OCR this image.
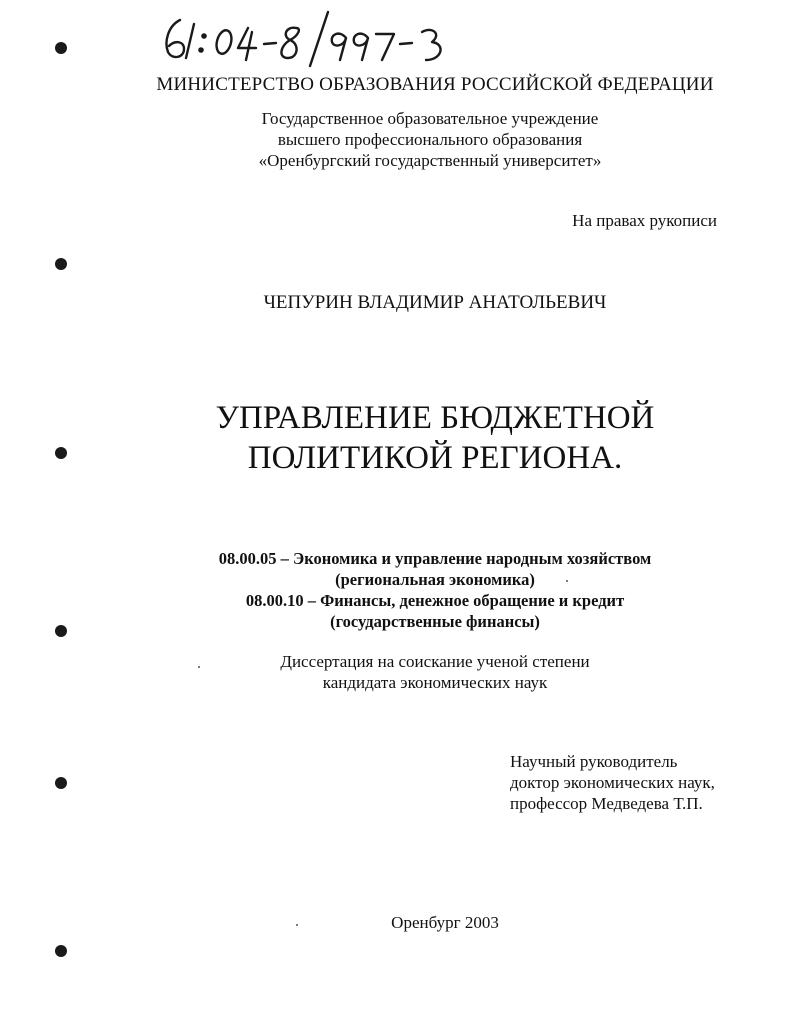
МИНИСТЕРСТВО ОБРАЗОВАНИЯ РОССИЙСКОЙ ФЕДЕРАЦИИ
Государственное образовательное учреждение
высшего профессионального образования
«Оренбургский государственный университет»
На правах рукописи
ЧЕПУРИН ВЛАДИМИР АНАТОЛЬЕВИЧ
УПРАВЛЕНИЕ БЮДЖЕТНОЙ
ПОЛИТИКОЙ РЕГИОНА.
08.00.05 – Экономика и управление народным хозяйством
(региональная экономика)
08.00.10 – Финансы, денежное обращение и кредит
(государственные финансы)
Диссертация на соискание ученой степени
кандидата экономических наук
Научный руководитель
доктор экономических наук,
профессор Медведева Т.П.
Оренбург 2003
